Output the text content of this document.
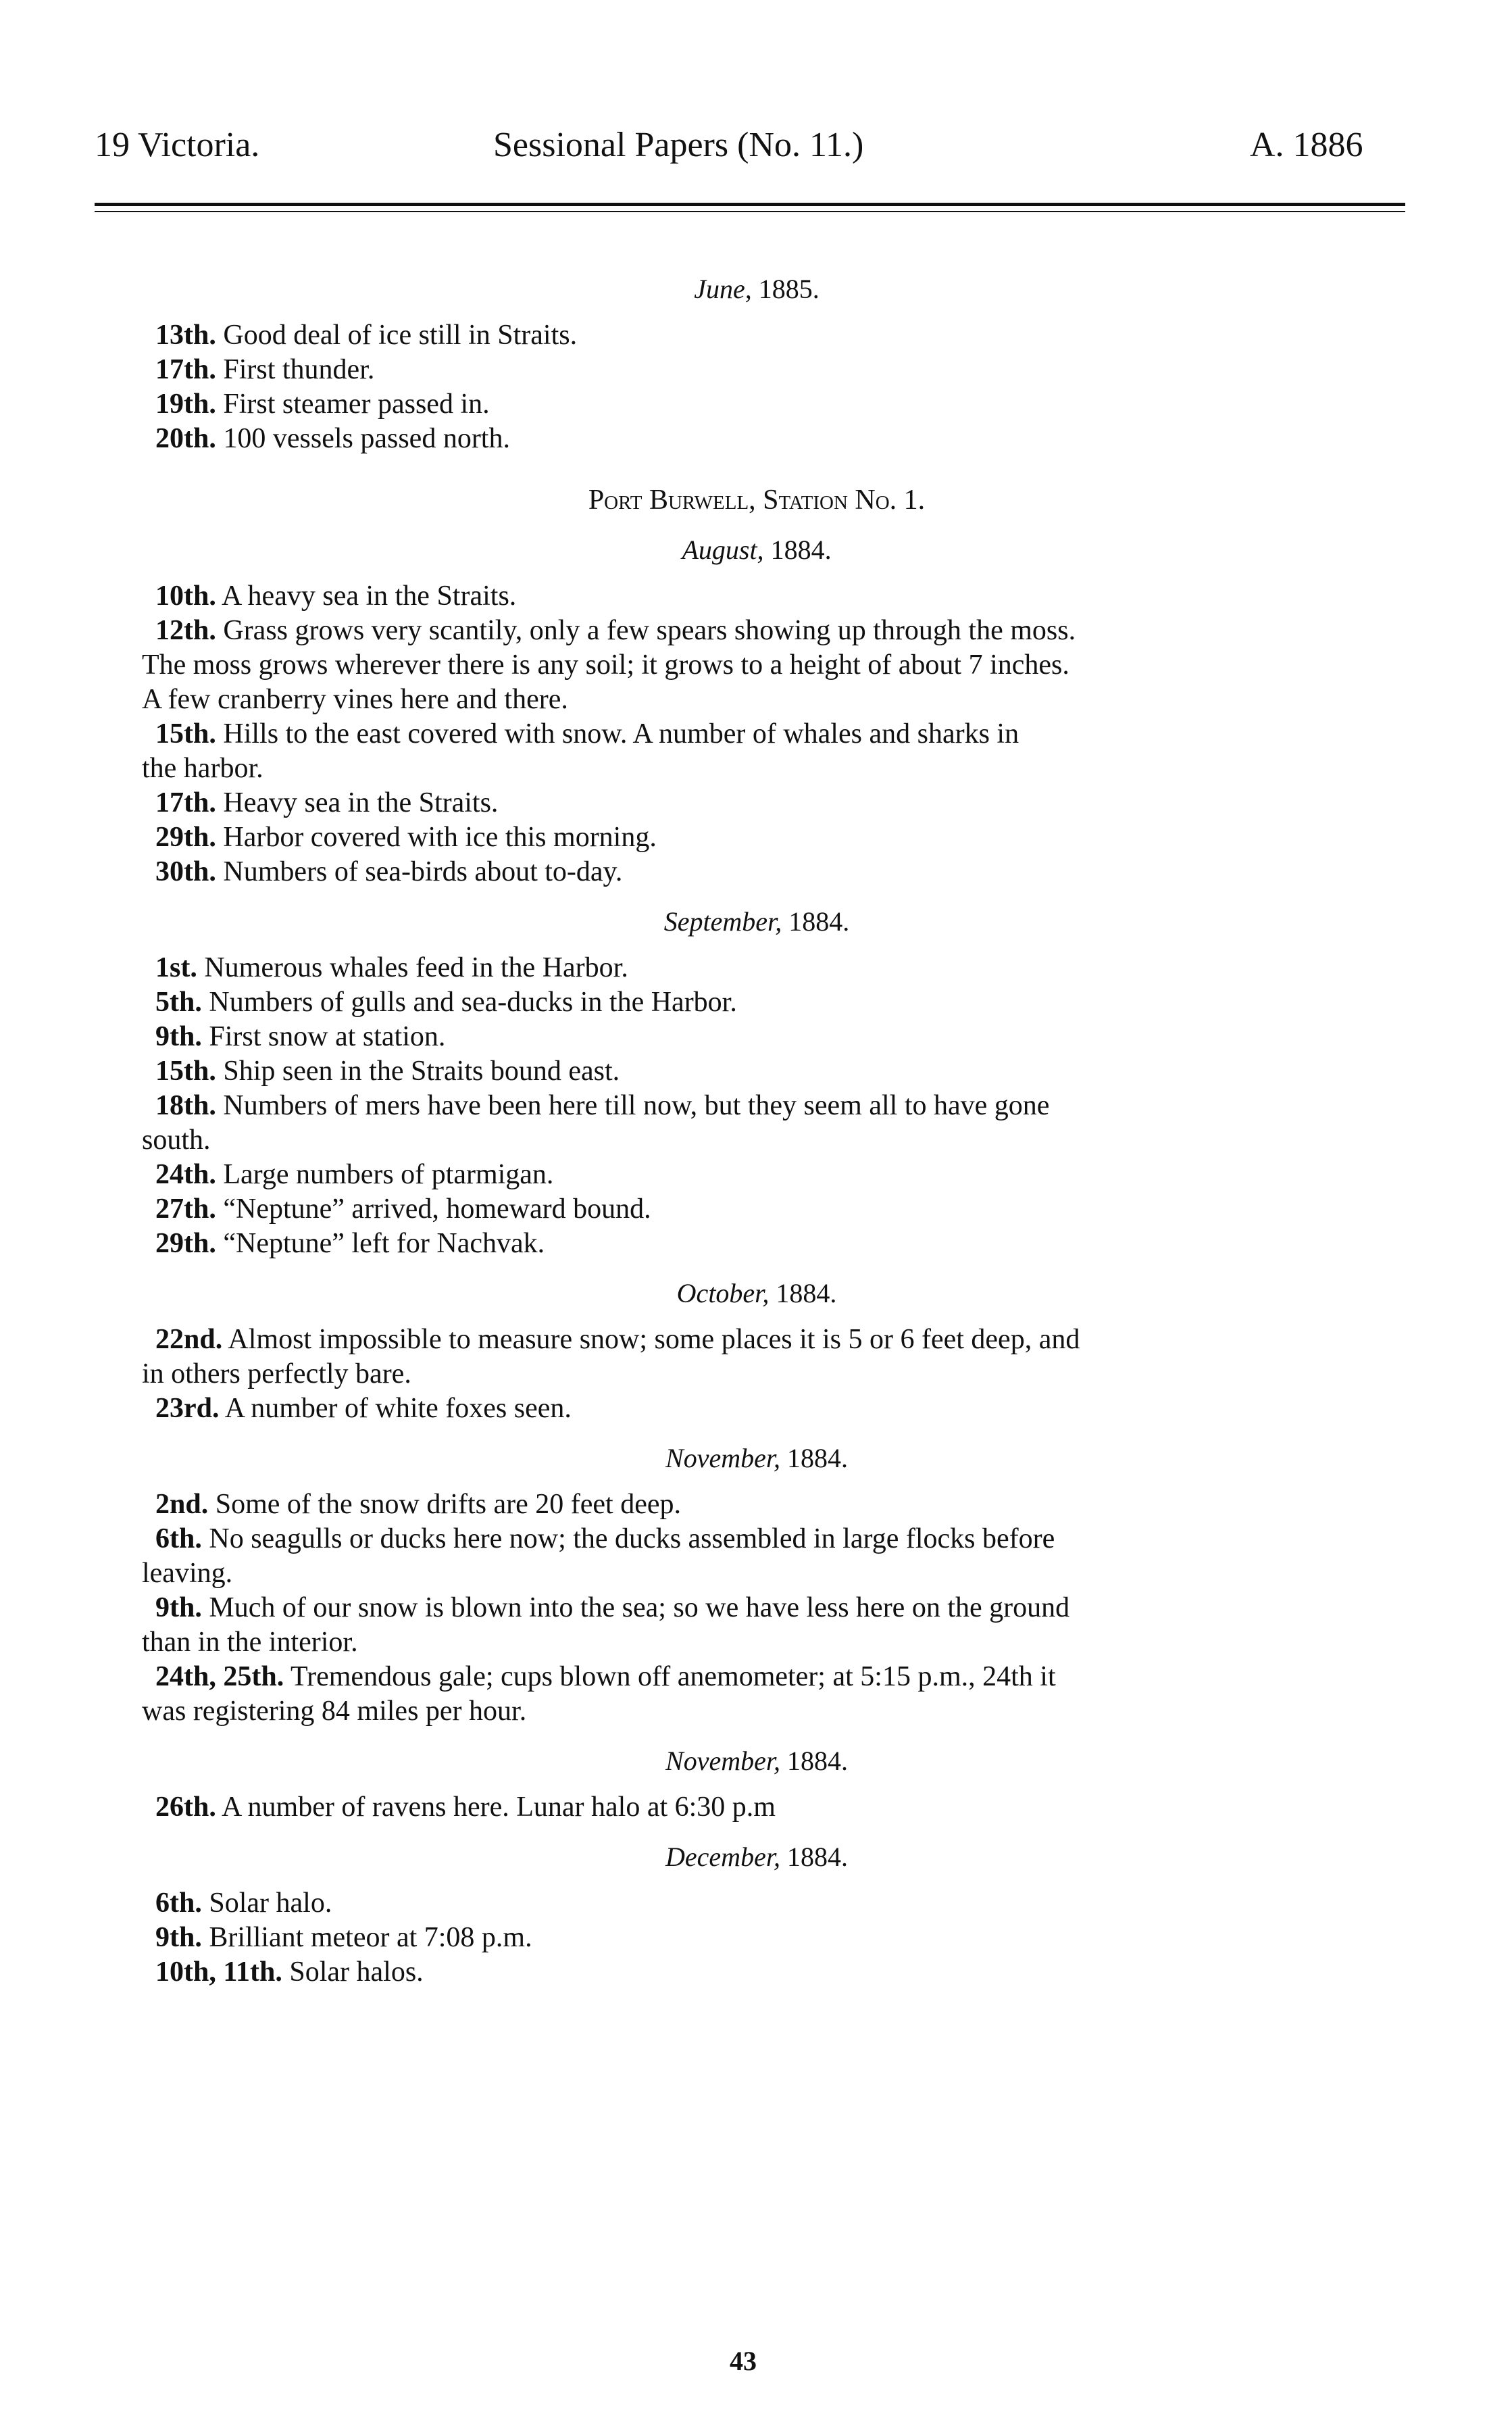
19 Victoria.	Sessional Papers (No. 11.)	A. 1886
June, 1885.

13th. Good deal of ice still in Straits.

17th. First thunder.

19th. First steamer passed in.

20th. 100 vessels passed north.

Port Burwell, Station No. 1.
August, 1884.

10th. A heavy sea in the Straits.

12th. Grass grows very scantily, only a few spears showing up through the moss.

The moss grows wherever there is any soil; it grows to a height of about 7 inches.

A few cranberry vines here and there.

15th. Hills to the east covered with snow. A number of whales and sharks in

the harbor.

17th. Heavy sea in the Straits.

29th. Harbor covered with ice this morning.

30th. Numbers of sea-birds about to-day.

September, 1884.

1st. Numerous whales feed in the Harbor.

5th. Numbers of gulls and sea-ducks in the Harbor.

9th. First snow at station.

15th. Ship seen in the Straits bound east.

18th. Numbers of mers have been here till now, but they seem all to have gone

south.

24th. Large numbers of ptarmigan.

27th. “Neptune” arrived, homeward bound.

29th. “Neptune” left for Nachvak.

October, 1884.

22nd. Almost impossible to measure snow; some places it is 5 or 6 feet deep, and

in others perfectly bare.

23rd. A number of white foxes seen.

November, 1884.

2nd. Some of the snow drifts are 20 feet deep.

6th. No seagulls or ducks here now; the ducks assembled in large flocks before

leaving.

9th. Much of our snow is blown into the sea; so we have less here on the ground

than in the interior.

24th, 25th. Tremendous gale; cups blown off anemometer; at 5:15 p.m., 24th it

was registering 84 miles per hour.

November, 1884.

26th. A number of ravens here. Lunar halo at 6:30 p.m

December, 1884.

6th. Solar halo.

9th. Brilliant meteor at 7:08 p.m.

10th, 11th. Solar halos.

43
